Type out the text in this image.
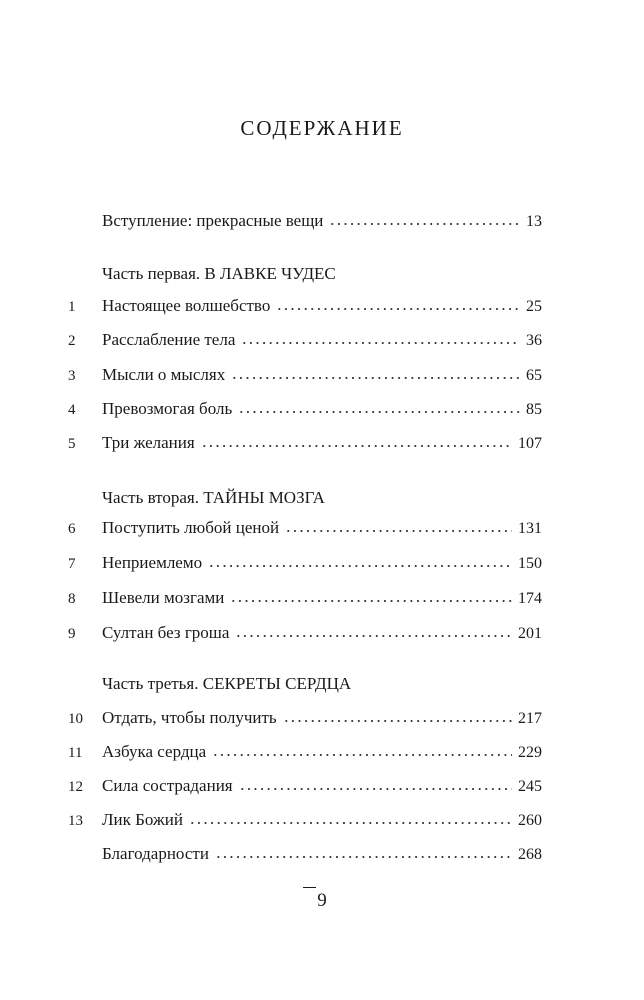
СОДЕРЖАНИЕ
Вступление: прекрасные вещи	13
Часть первая. В ЛАВКЕ ЧУДЕС
1	Настоящее волшебство	25
2	Расслабление тела	36
3	Мысли о мыслях	65
4	Превозмогая боль	85
5	Три желания	107
Часть вторая. ТАЙНЫ МОЗГА
6	Поступить любой ценой	131
7	Неприемлемо	150
8	Шевели мозгами	174
9	Султан без гроша	201
Часть третья. СЕКРЕТЫ СЕРДЦА
10	Отдать, чтобы получить	217
11	Азбука сердца	229
12	Сила сострадания	245
13	Лик Божий	260
Благодарности	268
9
